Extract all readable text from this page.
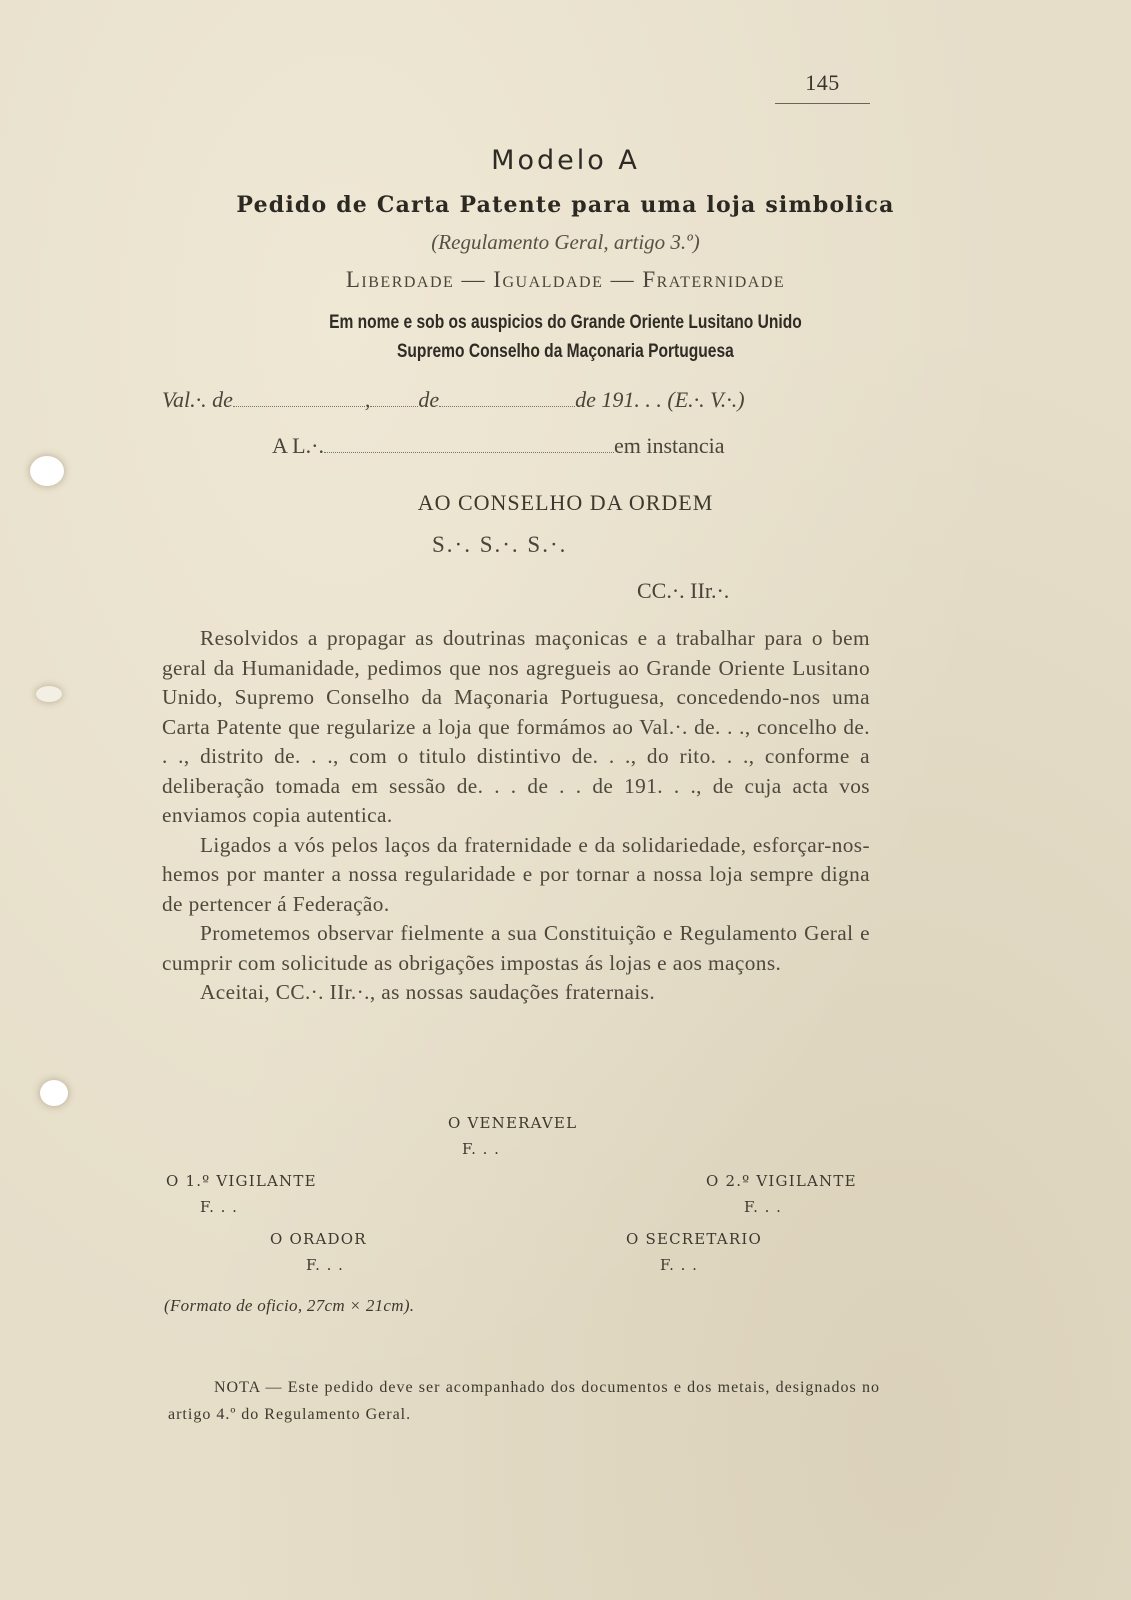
145
Modelo A
Pedido de Carta Patente para uma loja simbolica
(Regulamento Geral, artigo 3.º)
Liberdade — Igualdade — Fraternidade
Em nome e sob os auspicios do Grande Oriente Lusitano Unido
Supremo Conselho da Maçonaria Portuguesa
Val.·. de	, de	de 191. . . (E.·. V.·.)
A L.·.	em instancia
AO CONSELHO DA ORDEM
S.·. S.·. S.·.
CC.·. IIr.·.

Resolvidos a propagar as doutrinas maçonicas e a trabalhar para o bem geral da Humanidade, pedimos que nos agregueis ao Grande Oriente Lusitano Unido, Supremo Conselho da Maçonaria Portuguesa, concedendo-nos uma Carta Patente que regularize a loja que formámos ao Val.·. de. . ., concelho de. . ., distrito de. . ., com o titulo distintivo de. . ., do rito. . ., conforme a deliberação tomada em sessão de. . . de . . de 191. . ., de cuja acta vos enviamos copia autentica.

Ligados a vós pelos laços da fraternidade e da solidariedade, esforçar-nos-hemos por manter a nossa regularidade e por tornar a nossa loja sempre digna de pertencer á Federação.

Prometemos observar fielmente a sua Constituição e Regulamento Geral e cumprir com solicitude as obrigações impostas ás lojas e aos maçons.

Aceitai, CC.·. IIr.·., as nossas saudações fraternais.

O VENERAVEL
F. . .
O 1.º VIGILANTE
F. . .
O 2.º VIGILANTE
F. . .
O ORADOR
F. . .
O SECRETARIO
F. . .
(Formato de oficio, 27cm × 21cm).

NOTA — Este pedido deve ser acompanhado dos documentos e dos metais, designados no artigo 4.º do Regulamento Geral.
